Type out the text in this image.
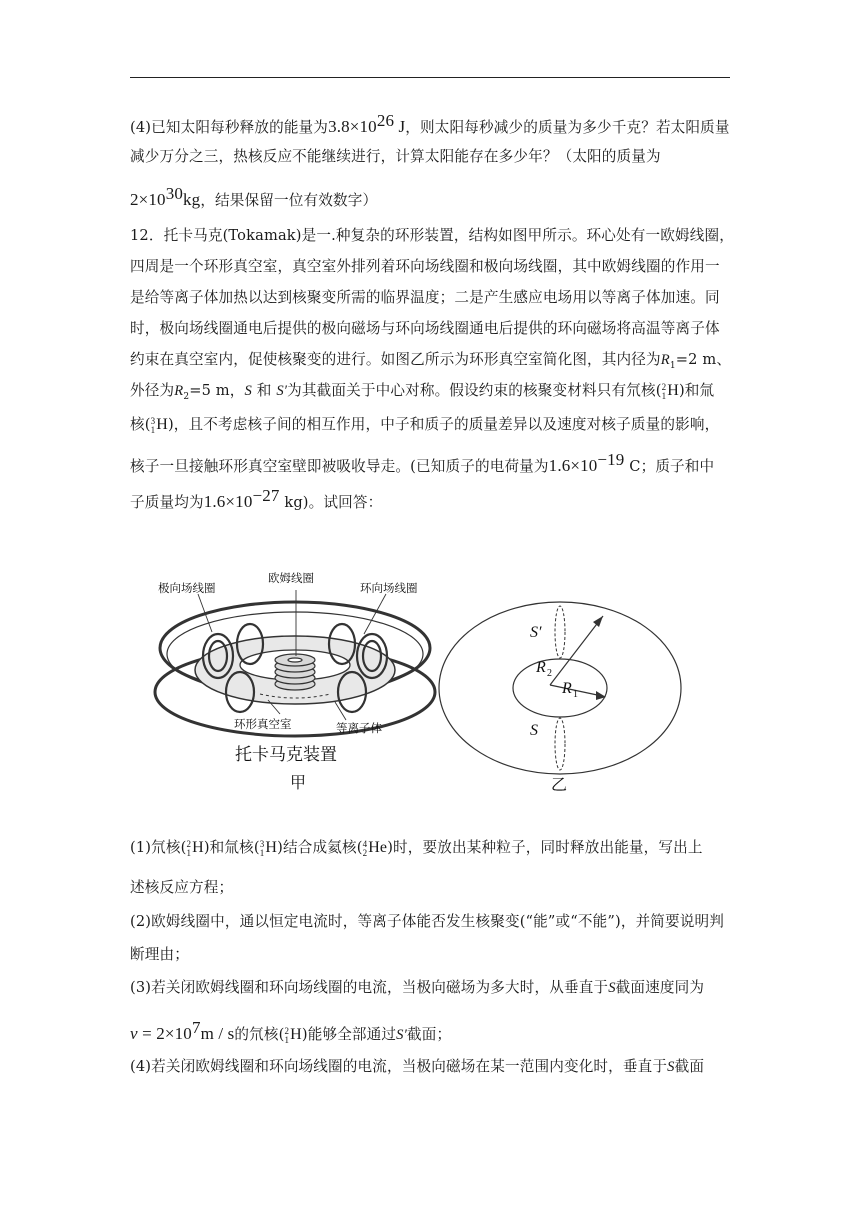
(4)已知太阳每秒释放的能量为$3.8\times 10^{26}$ J，则太阳每秒减少的质量为多少千克？若太阳质量
减少万分之三，热核反应不能继续进行，计算太阳能存在多少年？（太阳的质量为
$2\times 10^{30}kg$，结果保留一位有效数字）
12．托卡马克(Tokamak)是一.种复杂的环形装置，结构如图甲所示。环心处有一欧姆线圈，
四周是一个环形真空室，真空室外排列着环向场线圈和极向场线圈，其中欧姆线圈的作用一
是给等离子体加热以达到核聚变所需的临界温度；二是产生感应电场用以等离子体加速。同
时，极向场线圈通电后提供的极向磁场与环向场线圈通电后提供的环向磁场将高温等离子体
约束在真空室内，促使核聚变的进行。如图乙所示为环形真空室简化图，其内径为$R_1=2$ m、
外径为$R_2=5$ m，S 和 S′为其截面关于中心对称。假设约束的核聚变材料只有氘核( 2
1 H)和氚
核( 3
1 H)，且不考虑核子间的相互作用，中子和质子的质量差异以及速度对核子质量的影响，
核子一旦接触环形真空室壁即被吸收导走。(已知质子的电荷量为$1.6\times 10^{-19}$ C；质子和中
子质量均为$1.6\times 10^{-27}$ kg)。试回答：
极向场线圈
欧姆线圈
环向场线圈
环形真空室	等离子体
托卡马克装置
甲
S′
S
R 2
R 1
乙
(1)氘核( 2
1 H)和氚核( 3
1 H)结合成氦核( 4
2 He)时，要放出某种粒子，同时释放出能量，写出上
述核反应方程；
(2)欧姆线圈中，通以恒定电流时，等离子体能否发生核聚变(“能”或“不能”)，并简要说明判
断理由；
(3)若关闭欧姆线圈和环向场线圈的电流，当极向磁场为多大时，从垂直于S截面速度同为
$v = 2\times 10^7m / s$的氘核( 2
1 H)能够全部通过S′截面；
(4)若关闭欧姆线圈和环向场线圈的电流，当极向磁场在某一范围内变化时，垂直于S截面
